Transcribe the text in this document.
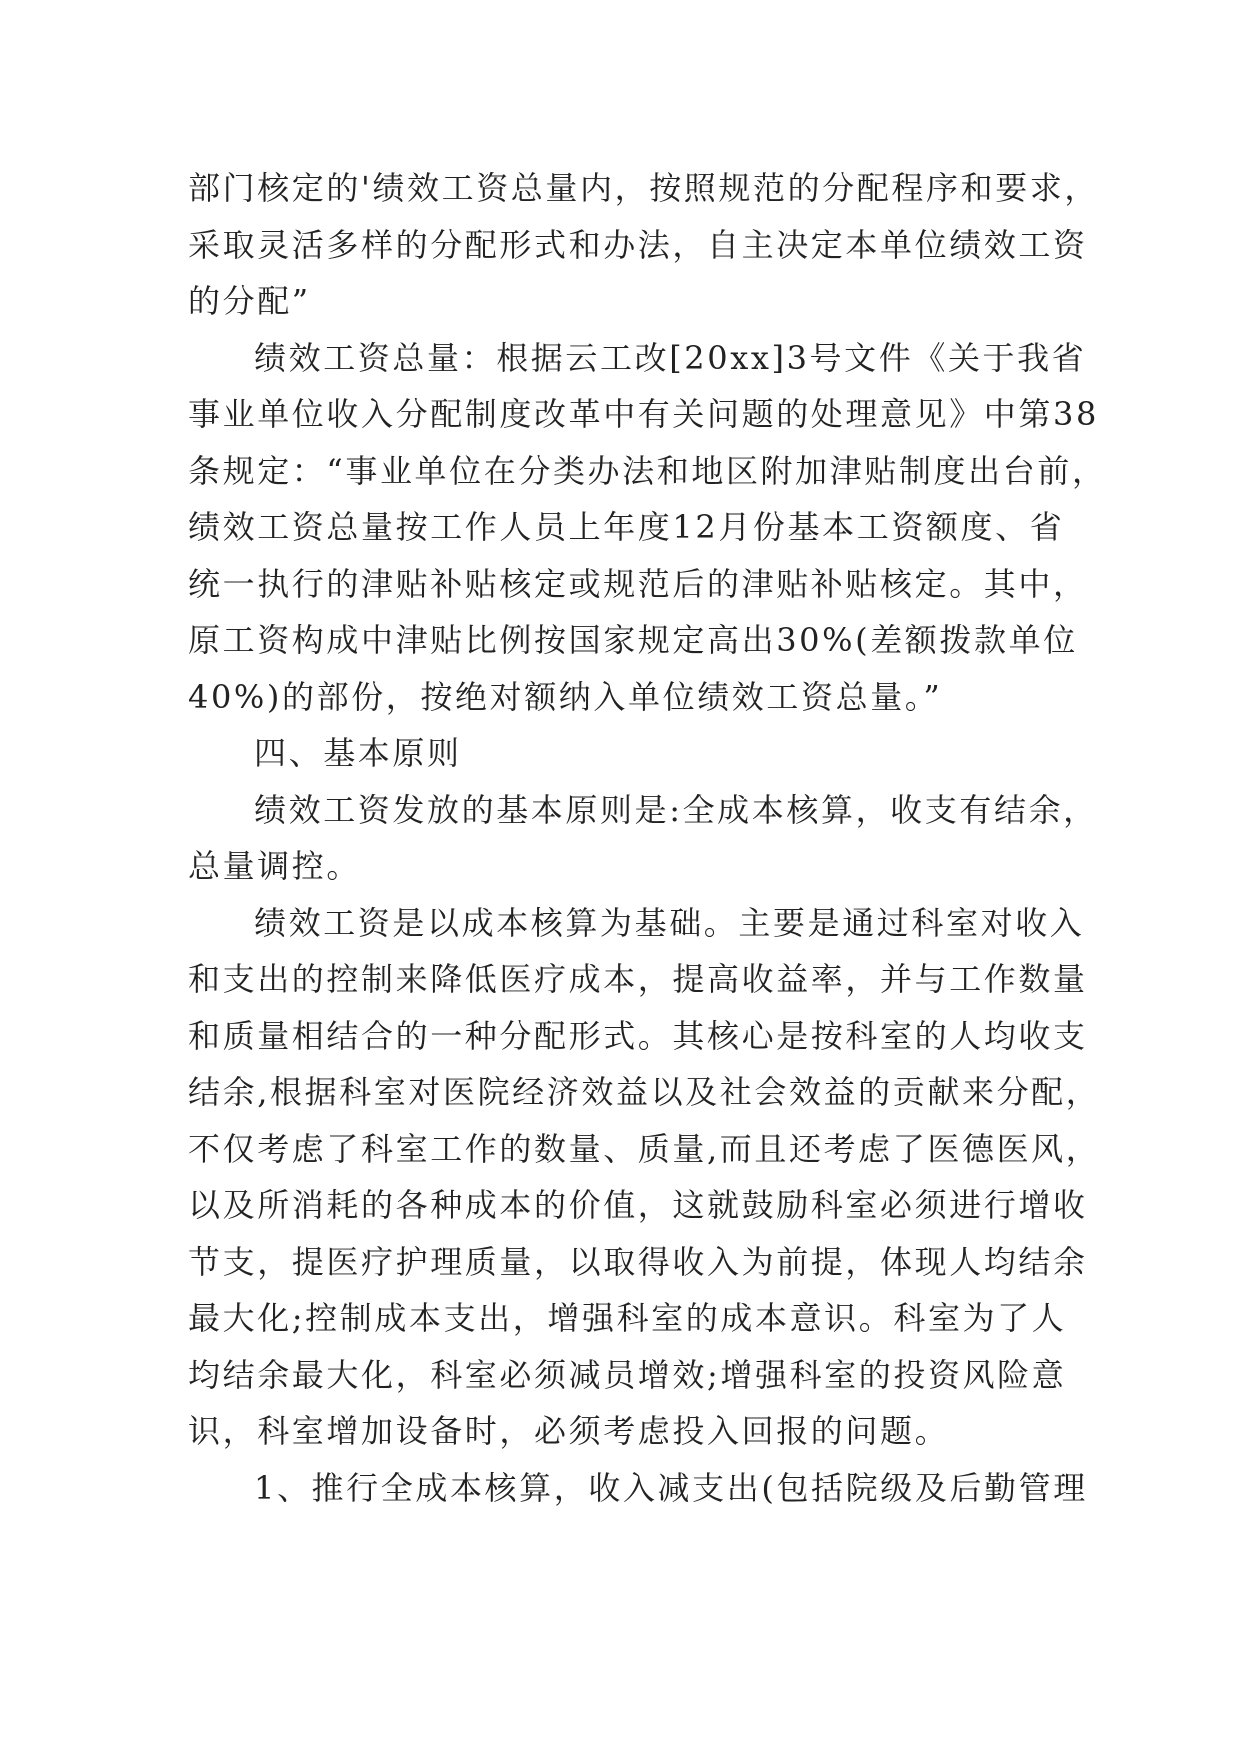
部门核定的'绩效工资总量内，按照规范的分配程序和要求，
采取灵活多样的分配形式和办法，自主决定本单位绩效工资
的分配”
绩效工资总量：根据云工改[20xx]3号文件《关于我省
事业单位收入分配制度改革中有关问题的处理意见》中第38
条规定：“事业单位在分类办法和地区附加津贴制度出台前，
绩效工资总量按工作人员上年度12月份基本工资额度、省
统一执行的津贴补贴核定或规范后的津贴补贴核定。其中，
原工资构成中津贴比例按国家规定高出30%(差额拨款单位
40%)的部份，按绝对额纳入单位绩效工资总量。”
四、基本原则
绩效工资发放的基本原则是:全成本核算，收支有结余，
总量调控。
绩效工资是以成本核算为基础。主要是通过科室对收入
和支出的控制来降低医疗成本，提高收益率，并与工作数量
和质量相结合的一种分配形式。其核心是按科室的人均收支
结余,根据科室对医院经济效益以及社会效益的贡献来分配，
不仅考虑了科室工作的数量、质量,而且还考虑了医德医风，
以及所消耗的各种成本的价值，这就鼓励科室必须进行增收
节支，提医疗护理质量，以取得收入为前提，体现人均结余
最大化;控制成本支出，增强科室的成本意识。科室为了人
均结余最大化，科室必须减员增效;增强科室的投资风险意
识，科室增加设备时，必须考虑投入回报的问题。
1、推行全成本核算，收入减支出(包括院级及后勤管理
